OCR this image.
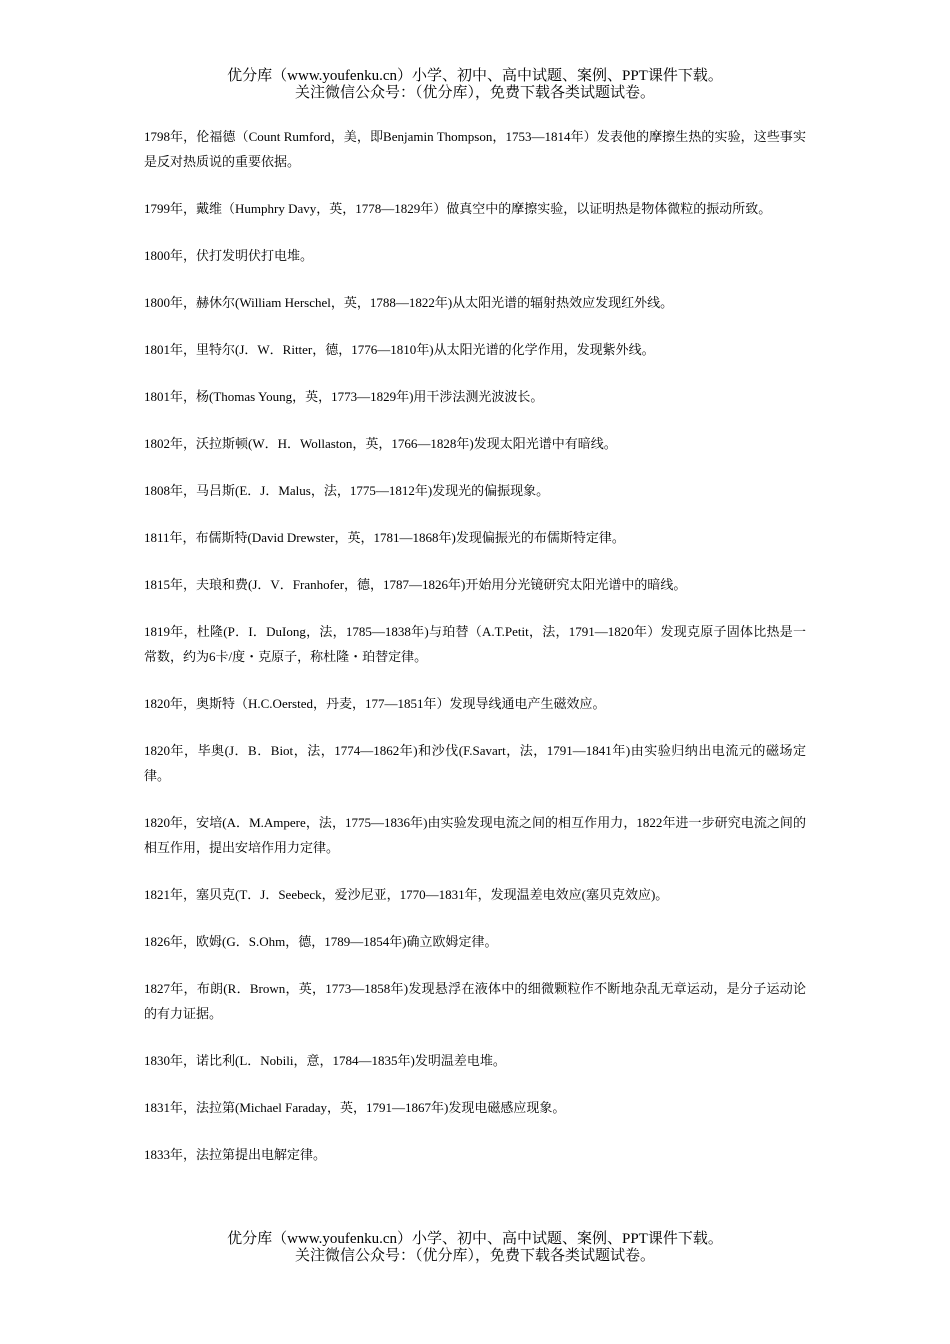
优分库（www.youfenku.cn）小学、初中、高中试题、案例、PPT课件下载。
关注微信公众号：（优分库），免费下载各类试题试卷。

1798年，伦福德（Count Rumford，美，即Benjamin Thompson，1753—1814年）发表他的摩擦生热的实验，这些事实是反对热质说的重要依据。

1799年，戴维（Humphry Davy，英，1778—1829年）做真空中的摩擦实验，以证明热是物体微粒的振动所致。

1800年，伏打发明伏打电堆。

1800年，赫休尔(William Herschel，英，1788—1822年)从太阳光谱的辐射热效应发现红外线。

1801年，里特尔(J．W．Ritter，德，1776—1810年)从太阳光谱的化学作用，发现紫外线。

1801年，杨(Thomas Young，英，1773—1829年)用干涉法测光波波长。

1802年，沃拉斯顿(W．H．Wollaston，英，1766—1828年)发现太阳光谱中有暗线。

1808年，马吕斯(E．J．Malus，法，1775—1812年)发现光的偏振现象。

1811年，布儒斯特(David Drewster，英，1781—1868年)发现偏振光的布儒斯特定律。

1815年，夫琅和费(J．V．Franhofer，德，1787—1826年)开始用分光镜研究太阳光谱中的暗线。

1819年，杜隆(P．I．DuIong，法，1785—1838年)与珀替（A.T.Petit，法，1791—1820年）发现克原子固体比热是一常数，约为6卡/度・克原子，称杜隆・珀替定律。

1820年，奥斯特（H.C.Oersted，丹麦，177—1851年）发现导线通电产生磁效应。

1820年，毕奥(J．B．Biot，法，1774—1862年)和沙伐(F.Savart，法，1791—1841年)由实验归纳出电流元的磁场定律。

1820年，安培(A．M.Ampere，法，1775—1836年)由实验发现电流之间的相互作用力，1822年进一步研究电流之间的相互作用，提出安培作用力定律。

1821年，塞贝克(T．J．Seebeck，爱沙尼亚，1770—1831年，发现温差电效应(塞贝克效应)。

1826年，欧姆(G．S.Ohm，德，1789—1854年)确立欧姆定律。

1827年，布朗(R．Brown，英，1773—1858年)发现悬浮在液体中的细微颗粒作不断地杂乱无章运动，是分子运动论的有力证据。

1830年，诺比利(L．Nobili，意，1784—1835年)发明温差电堆。

1831年，法拉第(Michael Faraday，英，1791—1867年)发现电磁感应现象。

1833年，法拉第提出电解定律。

优分库（www.youfenku.cn）小学、初中、高中试题、案例、PPT课件下载。
关注微信公众号：（优分库），免费下载各类试题试卷。
